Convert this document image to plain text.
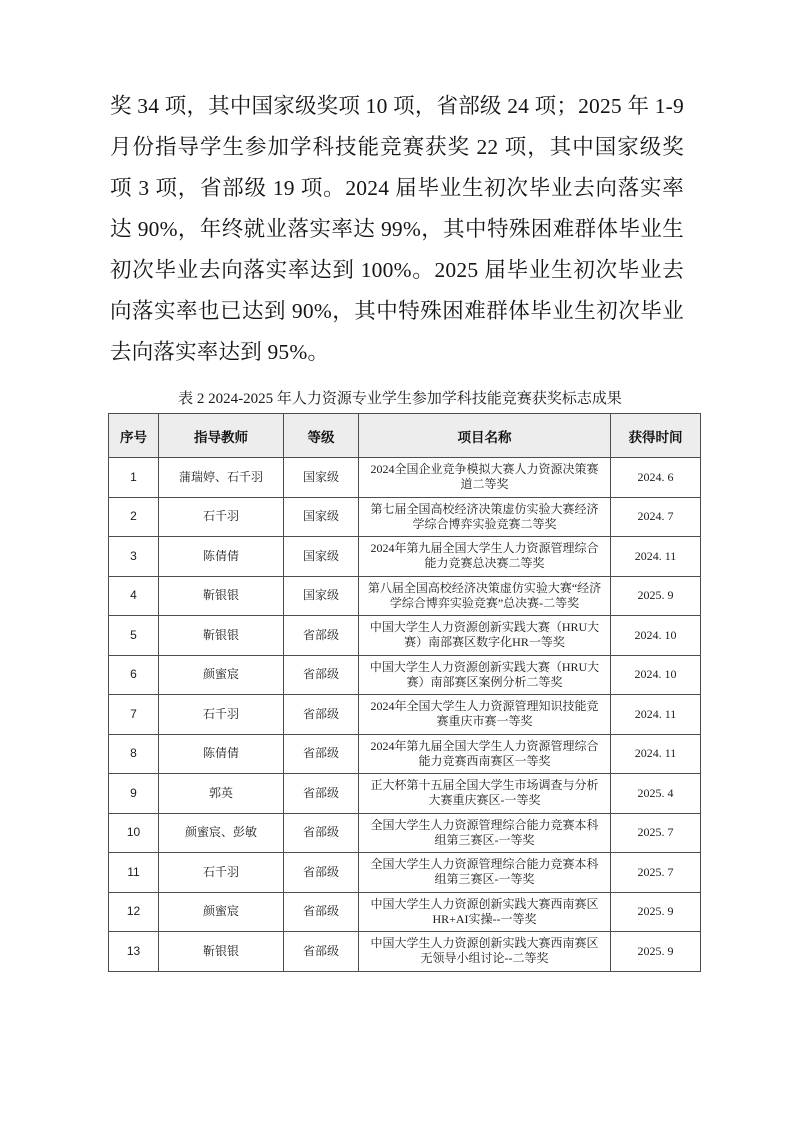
奖 34 项，其中国家级奖项 10 项，省部级 24 项；2025 年 1-9
月份指导学生参加学科技能竞赛获奖 22 项，其中国家级奖
项 3 项，省部级 19 项。2024 届毕业生初次毕业去向落实率
达 90%，年终就业落实率达 99%，其中特殊困难群体毕业生
初次毕业去向落实率达到 100%。2025 届毕业生初次毕业去
向落实率也已达到 90%，其中特殊困难群体毕业生初次毕业
去向落实率达到 95%。
表 2 2024-2025 年人力资源专业学生参加学科技能竞赛获奖标志成果
序号	指导教师	等级	项目名称	获得时间
1	蒲瑞婷、石千羽	国家级	2024全国企业竞争模拟大赛人力资源决策赛道二等奖	2024. 6
2	石千羽	国家级	第七届全国高校经济决策虚仿实验大赛经济学综合博弈实验竞赛二等奖	2024. 7
3	陈倩倩	国家级	2024年第九届全国大学生人力资源管理综合能力竞赛总决赛二等奖	2024. 11
4	靳银银	国家级	第八届全国高校经济决策虚仿实验大赛“经济学综合博弈实验竞赛”总决赛-二等奖	2025. 9
5	靳银银	省部级	中国大学生人力资源创新实践大赛（HRU大赛）南部赛区数字化HR一等奖	2024. 10
6	颜蜜宸	省部级	中国大学生人力资源创新实践大赛（HRU大赛）南部赛区案例分析二等奖	2024. 10
7	石千羽	省部级	2024年全国大学生人力资源管理知识技能竞赛重庆市赛一等奖	2024. 11
8	陈倩倩	省部级	2024年第九届全国大学生人力资源管理综合能力竞赛西南赛区一等奖	2024. 11
9	郭英	省部级	正大杯第十五届全国大学生市场调查与分析大赛重庆赛区-一等奖	2025. 4
10	颜蜜宸、彭敏	省部级	全国大学生人力资源管理综合能力竞赛本科组第三赛区-一等奖	2025. 7
11	石千羽	省部级	全国大学生人力资源管理综合能力竞赛本科组第三赛区-一等奖	2025. 7
12	颜蜜宸	省部级	中国大学生人力资源创新实践大赛西南赛区HR+AI实操--一等奖	2025. 9
13	靳银银	省部级	中国大学生人力资源创新实践大赛西南赛区无领导小组讨论--二等奖	2025. 9
